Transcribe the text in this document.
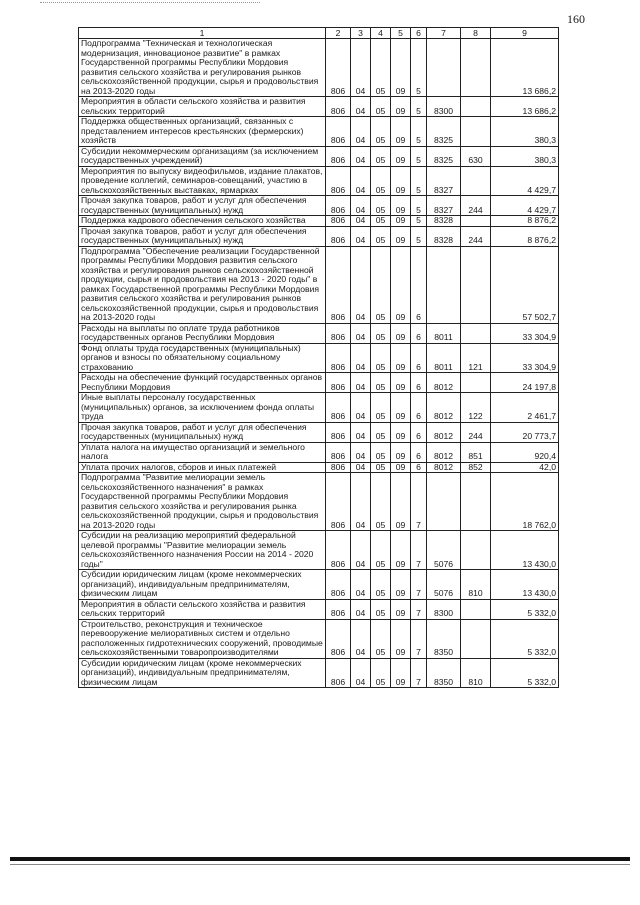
160
1	2	3	4	5	6	7	8	9
Подпрограмма "Техническая и технологическая модернизация, инновационое развитие" в рамках Государственной программы Республики Мордовия развития сельского хозяйства и регулирования рынков сельскохозяйственной продукции, сырья и продовольствия на 2013-2020 годы	806	04	05	09	5			13 686,2
Мероприятия в области сельского хозяйства и развития сельских территорий	806	04	05	09	5	8300		13 686,2
Поддержка общественных организаций, связанных с представлением интересов крестьянских (фермерских) хозяйств	806	04	05	09	5	8325		380,3
Субсидии некоммерческим организациям (за исключением государственных учреждений)	806	04	05	09	5	8325	630	380,3
Мероприятия по выпуску видеофильмов, издание плакатов, проведение коллегий, семинаров-совещаний, участию в сельскохозяйственных выставках, ярмарках	806	04	05	09	5	8327		4 429,7
Прочая закупка товаров, работ и услуг для обеспечения государственных (муниципальных) нужд	806	04	05	09	5	8327	244	4 429,7
Поддержка кадрового обеспечения сельского хозяйства	806	04	05	09	5	8328		8 876,2
Прочая закупка товаров, работ и услуг для обеспечения государственных (муниципальных) нужд	806	04	05	09	5	8328	244	8 876,2
Подпрограмма "Обеспечение реализации Государственной программы Республики Мордовия развития сельского хозяйства и регулирования рынков сельскохозяйственной продукции, сырья и продовольствия на 2013 - 2020 годы" в рамках Государственной программы Республики Мордовия развития сельского хозяйства и регулирования рынков сельскохозяйственной продукции, сырья и продовольствия на 2013-2020 годы	806	04	05	09	6			57 502,7
Расходы на выплаты по оплате труда работников государственных органов Республики Мордовия	806	04	05	09	6	8011		33 304,9
Фонд оплаты труда государственных (муниципальных) органов и взносы по обязательному социальному страхованию	806	04	05	09	6	8011	121	33 304,9
Расходы на обеспечение функций государственных органов Республики Мордовия	806	04	05	09	6	8012		24 197,8
Иные выплаты персоналу государственных (муниципальных) органов, за исключением фонда оплаты труда	806	04	05	09	6	8012	122	2 461,7
Прочая закупка товаров, работ и услуг для обеспечения государственных (муниципальных) нужд	806	04	05	09	6	8012	244	20 773,7
Уплата налога на имущество организаций и земельного налога	806	04	05	09	6	8012	851	920,4
Уплата прочих налогов, сборов и иных платежей	806	04	05	09	6	8012	852	42,0
Подпрограмма "Развитие мелиорации земель сельскохозяйственного назначения" в рамках Государственной программы Республики Мордовия развития сельского хозяйства и регулирования рынка сельскохозяйственной продукции, сырья и продовольствия на 2013-2020 годы	806	04	05	09	7			18 762,0
Субсидии на реализацию мероприятий федеральной целевой программы "Развитие мелиорации земель сельскохозяйственного назначения России на 2014 - 2020 годы"	806	04	05	09	7	5076		13 430,0
Субсидии юридическим лицам (кроме некоммерческих организаций), индивидуальным предпринимателям, физическим лицам	806	04	05	09	7	5076	810	13 430,0
Мероприятия в области сельского хозяйства и развития сельских территорий	806	04	05	09	7	8300		5 332,0
Строительство, реконструкция и техническое перевооружение мелиоративных систем и отдельно расположенных гидротехнических сооружений, проводимые сельскохозяйственными товаропроизводителями	806	04	05	09	7	8350		5 332,0
Субсидии юридическим лицам (кроме некоммерческих организаций), индивидуальным предпринимателям, физическим лицам	806	04	05	09	7	8350	810	5 332,0
